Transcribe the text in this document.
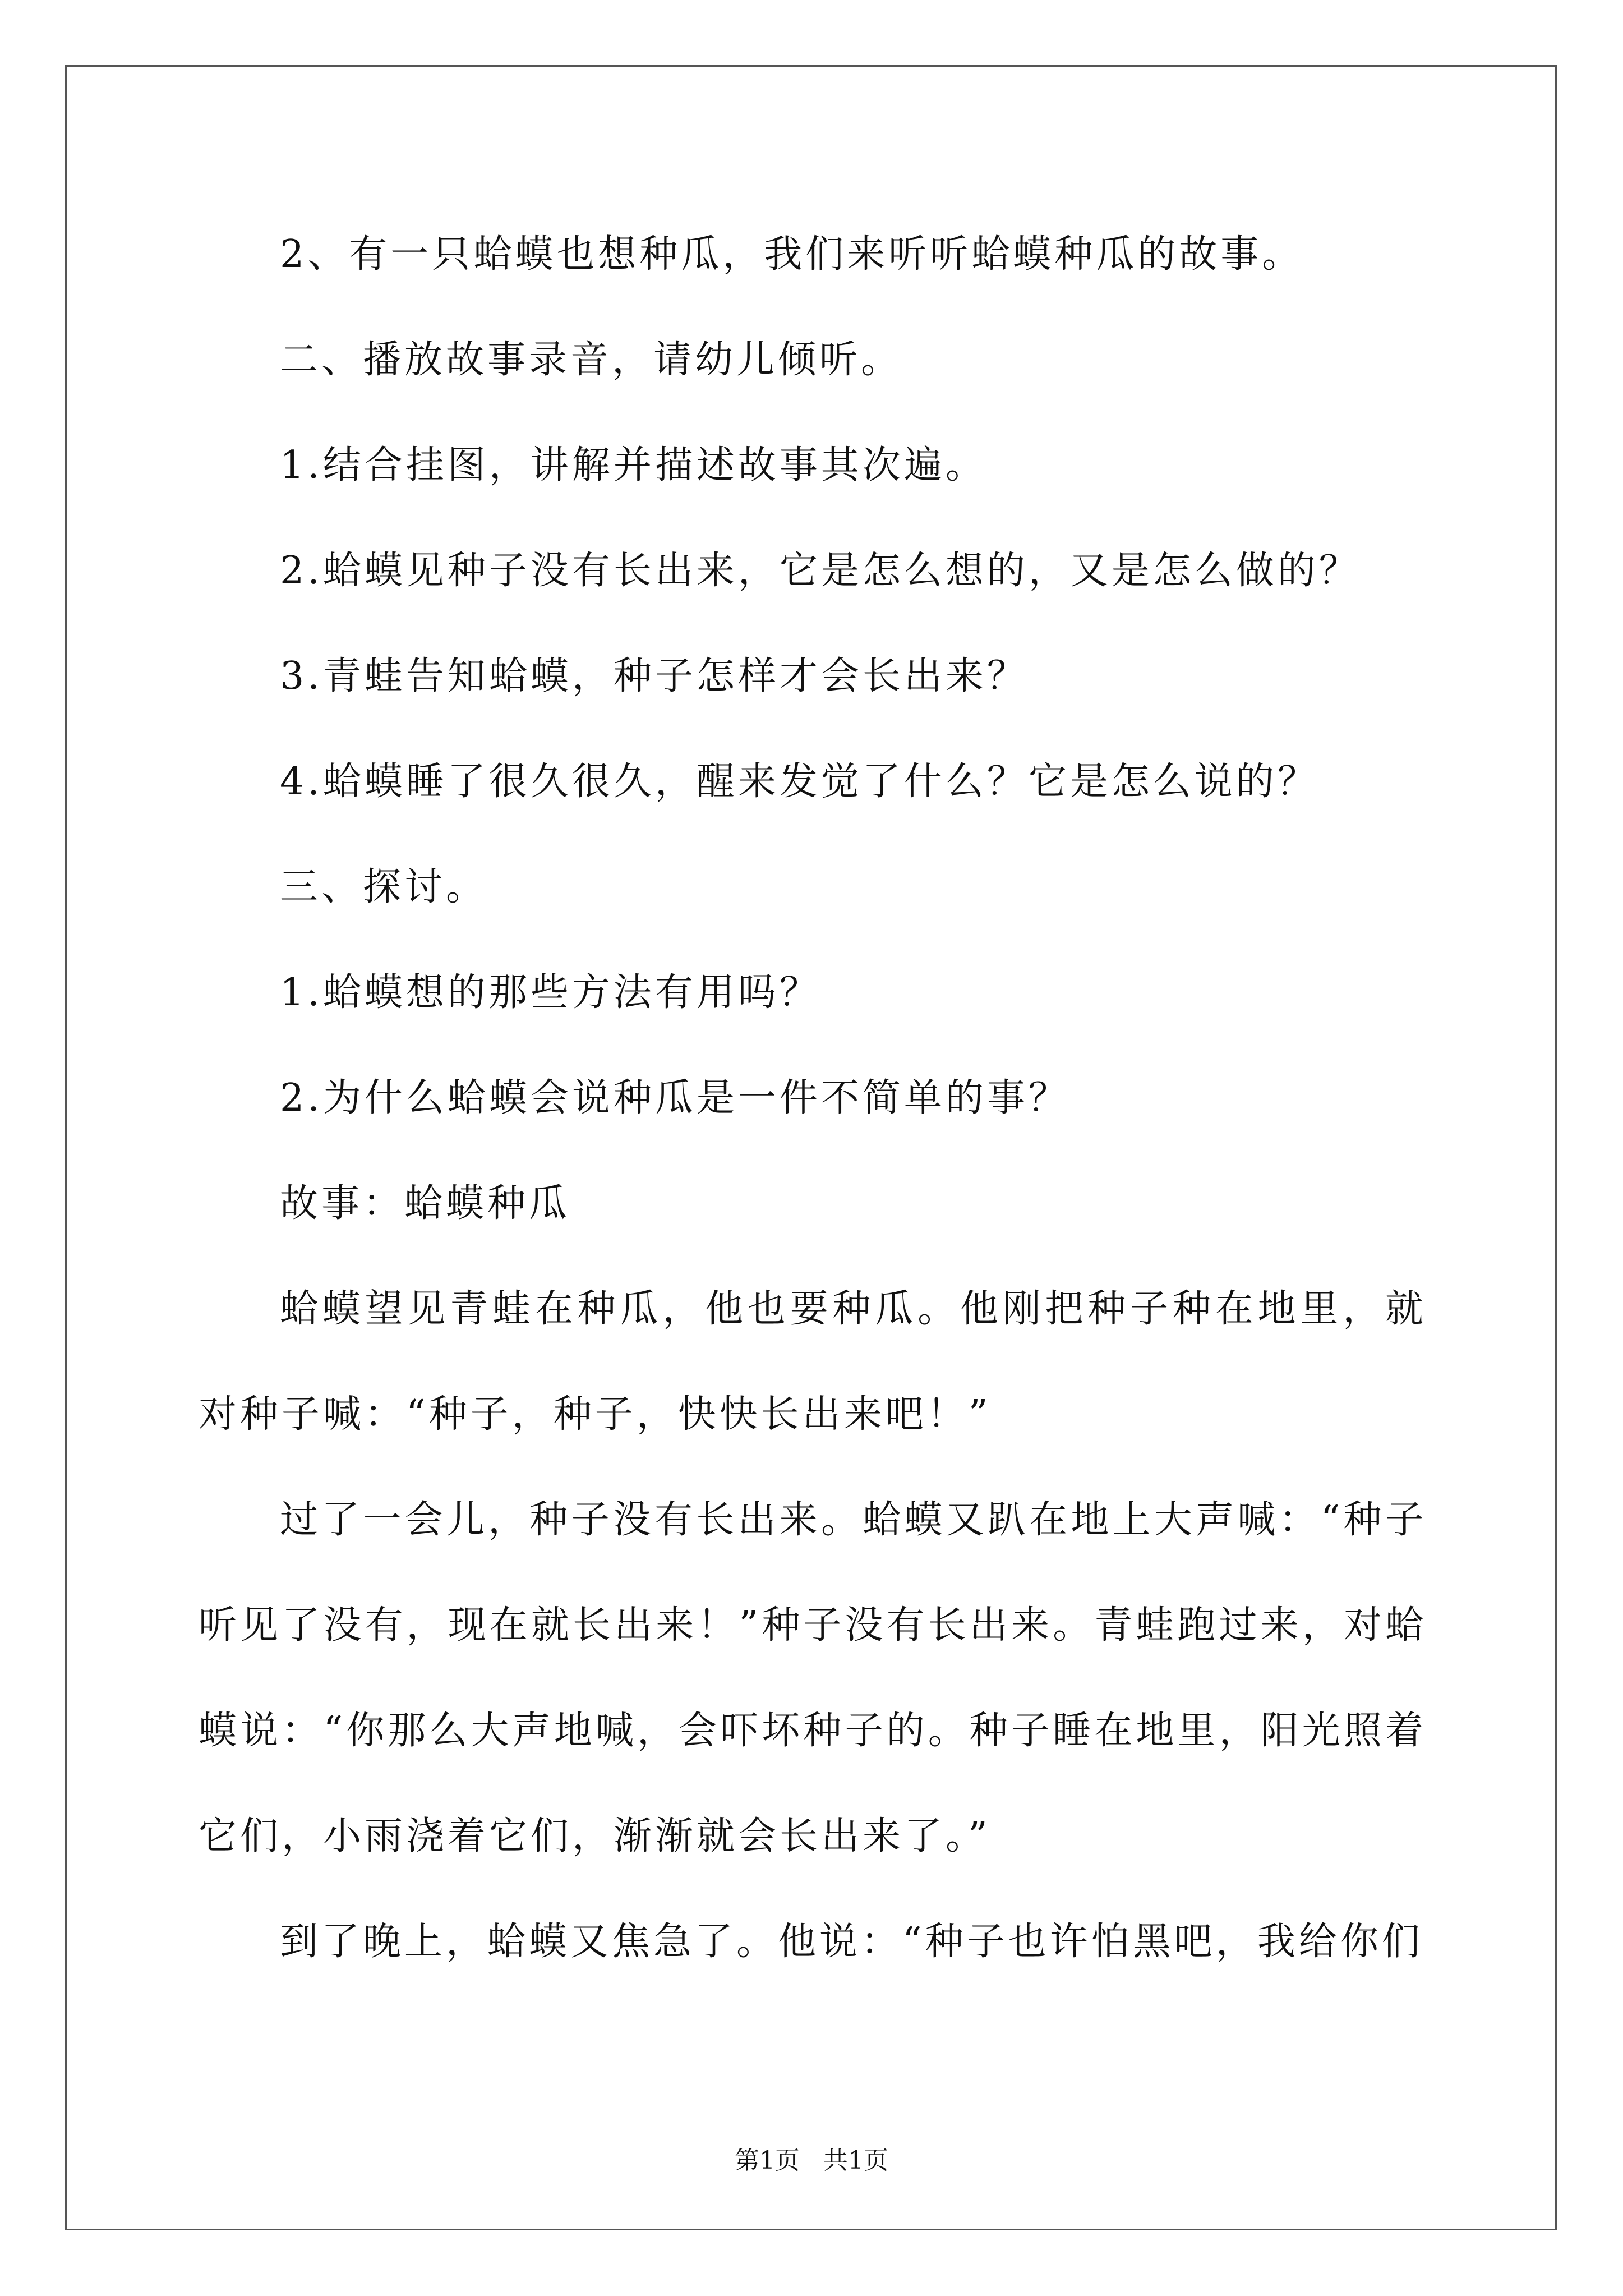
2、有一只蛤蟆也想种瓜，我们来听听蛤蟆种瓜的故事。

二、播放故事录音，请幼儿倾听。

1.结合挂图，讲解并描述故事其次遍。

2.蛤蟆见种子没有长出来，它是怎么想的，又是怎么做的？

3.青蛙告知蛤蟆，种子怎样才会长出来？

4.蛤蟆睡了很久很久，醒来发觉了什么？它是怎么说的？

三、探讨。

1.蛤蟆想的那些方法有用吗？

2.为什么蛤蟆会说种瓜是一件不简单的事？

故事：蛤蟆种瓜

蛤蟆望见青蛙在种瓜，他也要种瓜。他刚把种子种在地里，就对种子喊：“种子，种子，快快长出来吧！”

过了一会儿，种子没有长出来。蛤蟆又趴在地上大声喊：“种子听见了没有，现在就长出来！”种子没有长出来。青蛙跑过来，对蛤蟆说：“你那么大声地喊，会吓坏种子的。种子睡在地里，阳光照着它们，小雨浇着它们，渐渐就会长出来了。”

到了晚上，蛤蟆又焦急了。他说：“种子也许怕黑吧，我给你们

第1页 共1页
